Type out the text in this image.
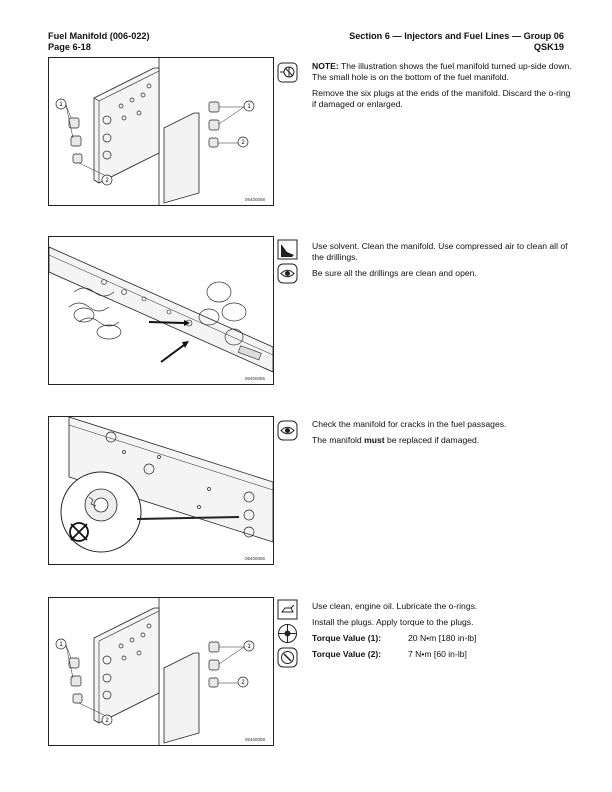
Fuel Manifold (006-022)
Page 6-18
Section 6 — Injectors and Fuel Lines — Group 06
QSK19
1
2
1
2
06400058

NOTE: The illustration shows the fuel manifold turned up-side down. The small hole is on the bottom of the fuel manifold.

Remove the six plugs at the ends of the manifold. Discard the o-ring if damaged or enlarged.

06400055

Use solvent. Clean the manifold. Use compressed air to clean all of the drillings.

Be sure all the drillings are clean and open.

06400056

Check the manifold for cracks in the fuel passages.

The manifold must be replaced if damaged.

1
2
1
2
06400058

Use clean, engine oil. Lubricate the o-rings.

Install the plugs. Apply torque to the plugs.

Torque Value (1):	20 N•m [180 in-lb]
Torque Value (2):	7 N•m [60 in-lb]
